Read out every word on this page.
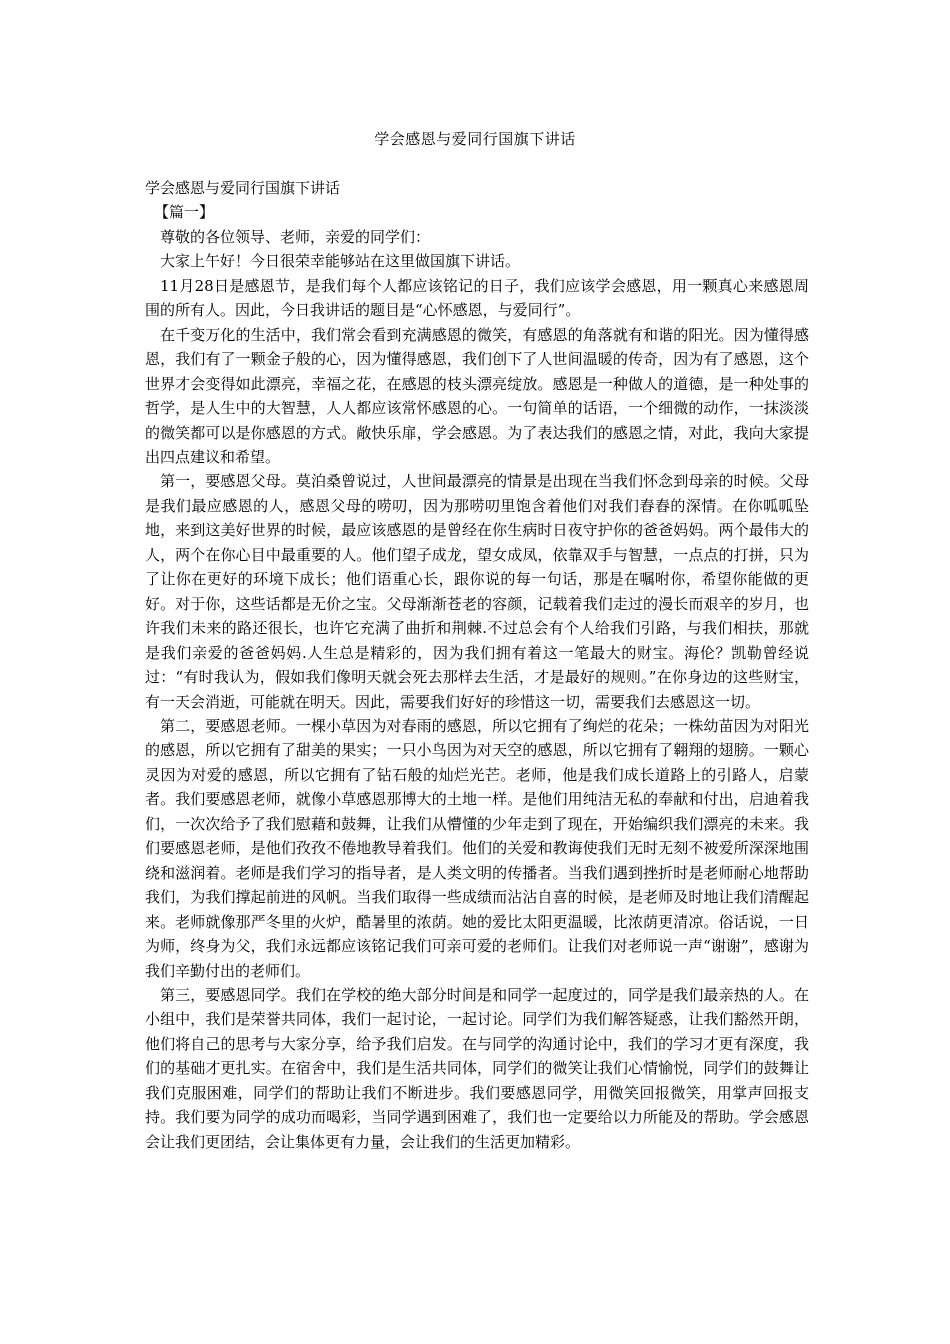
学会感恩与爱同行国旗下讲话

学会感恩与爱同行国旗下讲话

【篇一】

尊敬的各位领导、老师，亲爱的同学们：

大家上午好！今日很荣幸能够站在这里做国旗下讲话。

11月28日是感恩节，是我们每个人都应该铭记的日子，我们应该学会感恩，用一颗真心来感恩周围的所有人。因此，今日我讲话的题目是“心怀感恩，与爱同行”。

在千变万化的生活中，我们常会看到充满感恩的微笑，有感恩的角落就有和谐的阳光。因为懂得感恩，我们有了一颗金子般的心，因为懂得感恩，我们创下了人世间温暖的传奇，因为有了感恩，这个世界才会变得如此漂亮，幸福之花，在感恩的枝头漂亮绽放。感恩是一种做人的道德，是一种处事的哲学，是人生中的大智慧，人人都应该常怀感恩的心。一句简单的话语，一个细微的动作，一抹淡淡的微笑都可以是你感恩的方式。敞快乐扉，学会感恩。为了表达我们的感恩之情，对此，我向大家提出四点建议和希望。

第一，要感恩父母。莫泊桑曾说过，人世间最漂亮的情景是出现在当我们怀念到母亲的时候。父母是我们最应感恩的人，感恩父母的唠叨，因为那唠叨里饱含着他们对我们舂舂的深情。在你呱呱坠地，来到这美好世界的时候，最应该感恩的是曾经在你生病时日夜守护你的爸爸妈妈。两个最伟大的人，两个在你心目中最重要的人。他们望子成龙，望女成凤，依靠双手与智慧，一点点的打拼，只为了让你在更好的环境下成长；他们语重心长，跟你说的每一句话，那是在嘱咐你，希望你能做的更好。对于你，这些话都是无价之宝。父母渐渐苍老的容颜，记载着我们走过的漫长而艰辛的岁月，也许我们未来的路还很长，也许它充满了曲折和荆棘.不过总会有个人给我们引路，与我们相扶，那就是我们亲爱的爸爸妈妈.人生总是精彩的，因为我们拥有着这一笔最大的财宝。海伦？凯勒曾经说过：“有时我认为，假如我们像明天就会死去那样去生活，才是最好的规则。”在你身边的这些财宝，有一天会消逝，可能就在明天。因此，需要我们好好的珍惜这一切，需要我们去感恩这一切。

第二，要感恩老师。一棵小草因为对春雨的感恩，所以它拥有了绚烂的花朵；一株幼苗因为对阳光的感恩，所以它拥有了甜美的果实；一只小鸟因为对天空的感恩，所以它拥有了翱翔的翅膀。一颗心灵因为对爱的感恩，所以它拥有了钻石般的灿烂光芒。老师，他是我们成长道路上的引路人，启蒙者。我们要感恩老师，就像小草感恩那博大的土地一样。是他们用纯洁无私的奉献和付出，启迪着我们，一次次给予了我们慰藉和鼓舞，让我们从懵懂的少年走到了现在，开始编织我们漂亮的未来。我们要感恩老师，是他们孜孜不倦地教导着我们。他们的关爱和教诲使我们无时无刻不被爱所深深地围绕和滋润着。老师是我们学习的指导者，是人类文明的传播者。当我们遇到挫折时是老师耐心地帮助我们，为我们撑起前进的风帆。当我们取得一些成绩而沾沾自喜的时候，是老师及时地让我们清醒起来。老师就像那严冬里的火炉，酷暑里的浓荫。她的爱比太阳更温暖，比浓荫更清凉。俗话说，一日为师，终身为父，我们永远都应该铭记我们可亲可爱的老师们。让我们对老师说一声“谢谢”，感谢为我们辛勤付出的老师们。

第三，要感恩同学。我们在学校的绝大部分时间是和同学一起度过的，同学是我们最亲热的人。在小组中，我们是荣誉共同体，我们一起讨论，一起讨论。同学们为我们解答疑惑，让我们豁然开朗，他们将自己的思考与大家分享，给予我们启发。在与同学的沟通讨论中，我们的学习才更有深度，我们的基础才更扎实。在宿舍中，我们是生活共同体，同学们的微笑让我们心情愉悦，同学们的鼓舞让我们克服困难，同学们的帮助让我们不断进步。我们要感恩同学，用微笑回报微笑，用掌声回报支持。我们要为同学的成功而喝彩，当同学遇到困难了，我们也一定要给以力所能及的帮助。学会感恩会让我们更团结，会让集体更有力量，会让我们的生活更加精彩。
